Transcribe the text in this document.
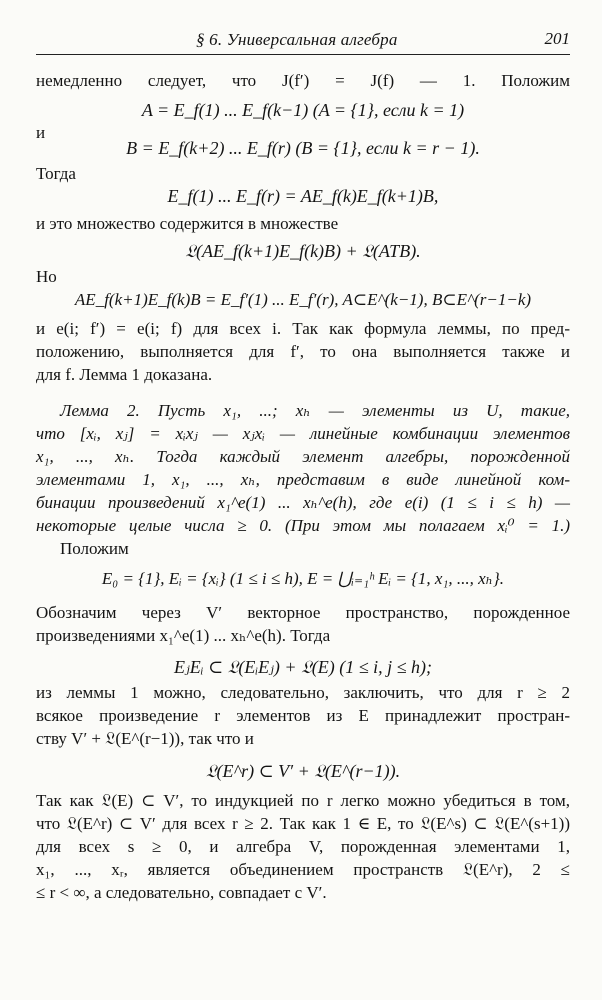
§ 6. Универсальная алгебра	201
немедленно следует, что J(f′) = J(f) — 1. Положим
A = E_f(1) ... E_f(k−1) (A = {1}, если k = 1)
и
B = E_f(k+2) ... E_f(r) (B = {1}, если k = r − 1).
Тогда
E_f(1) ... E_f(r) = AE_f(k)E_f(k+1)B,
и это множество содержится в множестве
𝔏(AE_f(k+1)E_f(k)B) + 𝔏(ATB).
Но
AE_f(k+1)E_f(k)B = E_f′(1) ... E_f′(r), A⊂E^(k−1), B⊂E^(r−1−k)
и e(i; f′) = e(i; f) для всех i. Так как формула леммы, по пред-
положению, выполняется для f′, то она выполняется также и
для f. Лемма 1 доказана.
Лемма 2. Пусть x₁, ...; xₕ — элементы из U, такие,
что [xᵢ, xⱼ] = xᵢxⱼ — xⱼxᵢ — линейные комбинации элементов
x₁, ..., xₕ. Тогда каждый элемент алгебры, порожденной
элементами 1, x₁, ..., xₕ, представим в виде линейной ком-
бинации произведений x₁^e(1) ... xₕ^e(h), где e(i) (1 ≤ i ≤ h) —
некоторые целые числа ≥ 0. (При этом мы полагаем xᵢ⁰ = 1.)
Положим
E₀ = {1}, Eᵢ = {xᵢ} (1 ≤ i ≤ h), E = ⋃ᵢ₌₁ʰ Eᵢ = {1, x₁, ..., xₕ}.
Обозначим через V′ векторное пространство, порожденное
произведениями x₁^e(1) ... xₕ^e(h). Тогда
EⱼEᵢ ⊂ 𝔏(EᵢEⱼ) + 𝔏(E) (1 ≤ i, j ≤ h);
из леммы 1 можно, следовательно, заключить, что для r ≥ 2
всякое произведение r элементов из E принадлежит простран-
ству V′ + 𝔏(E^(r−1)), так что и
𝔏(E^r) ⊂ V′ + 𝔏(E^(r−1)).
Так как 𝔏(E) ⊂ V′, то индукцией по r легко можно убедиться в том,
что 𝔏(E^r) ⊂ V′ для всех r ≥ 2. Так как 1 ∈ E, то 𝔏(E^s) ⊂ 𝔏(E^(s+1))
для всех s ≥ 0, и алгебра V, порожденная элементами 1,
x₁, ..., xᵣ, является объединением пространств 𝔏(E^r), 2 ≤
≤ r < ∞, а следовательно, совпадает с V′.
